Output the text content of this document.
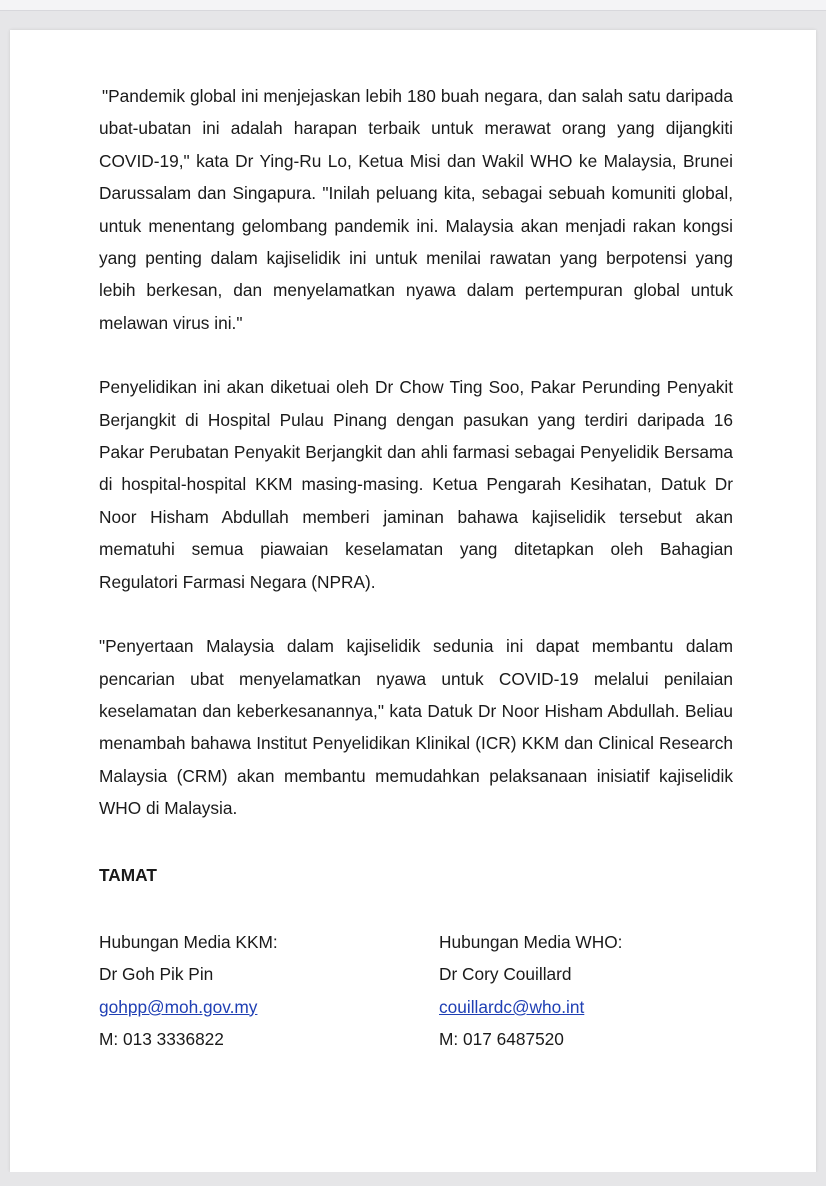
"Pandemik global ini menjejaskan lebih 180 buah negara, dan salah satu daripada ubat-ubatan ini adalah harapan terbaik untuk merawat orang yang dijangkiti COVID-19," kata Dr Ying-Ru Lo, Ketua Misi dan Wakil WHO ke Malaysia, Brunei Darussalam dan Singapura. "Inilah peluang kita, sebagai sebuah komuniti global, untuk menentang gelombang pandemik ini. Malaysia akan menjadi rakan kongsi yang penting dalam kajiselidik ini untuk menilai rawatan yang berpotensi yang lebih berkesan, dan menyelamatkan nyawa dalam pertempuran global untuk melawan virus ini."

Penyelidikan ini akan diketuai oleh Dr Chow Ting Soo, Pakar Perunding Penyakit Berjangkit di Hospital Pulau Pinang dengan pasukan yang terdiri daripada 16 Pakar Perubatan Penyakit Berjangkit dan ahli farmasi sebagai Penyelidik Bersama di hospital-hospital KKM masing-masing. Ketua Pengarah Kesihatan, Datuk Dr Noor Hisham Abdullah memberi jaminan bahawa kajiselidik tersebut akan mematuhi semua piawaian keselamatan yang ditetapkan oleh Bahagian Regulatori Farmasi Negara (NPRA).

"Penyertaan Malaysia dalam kajiselidik sedunia ini dapat membantu dalam pencarian ubat menyelamatkan nyawa untuk COVID-19 melalui penilaian keselamatan dan keberkesanannya," kata Datuk Dr Noor Hisham Abdullah. Beliau menambah bahawa Institut Penyelidikan Klinikal (ICR) KKM dan Clinical Research Malaysia (CRM) akan membantu memudahkan pelaksanaan inisiatif kajiselidik WHO di Malaysia.

TAMAT

Hubungan Media KKM:
Dr Goh Pik Pin
gohpp@moh.gov.my
M: 013 3336822
Hubungan Media WHO:
Dr Cory Couillard
couillardc@who.int
M: 017 6487520
